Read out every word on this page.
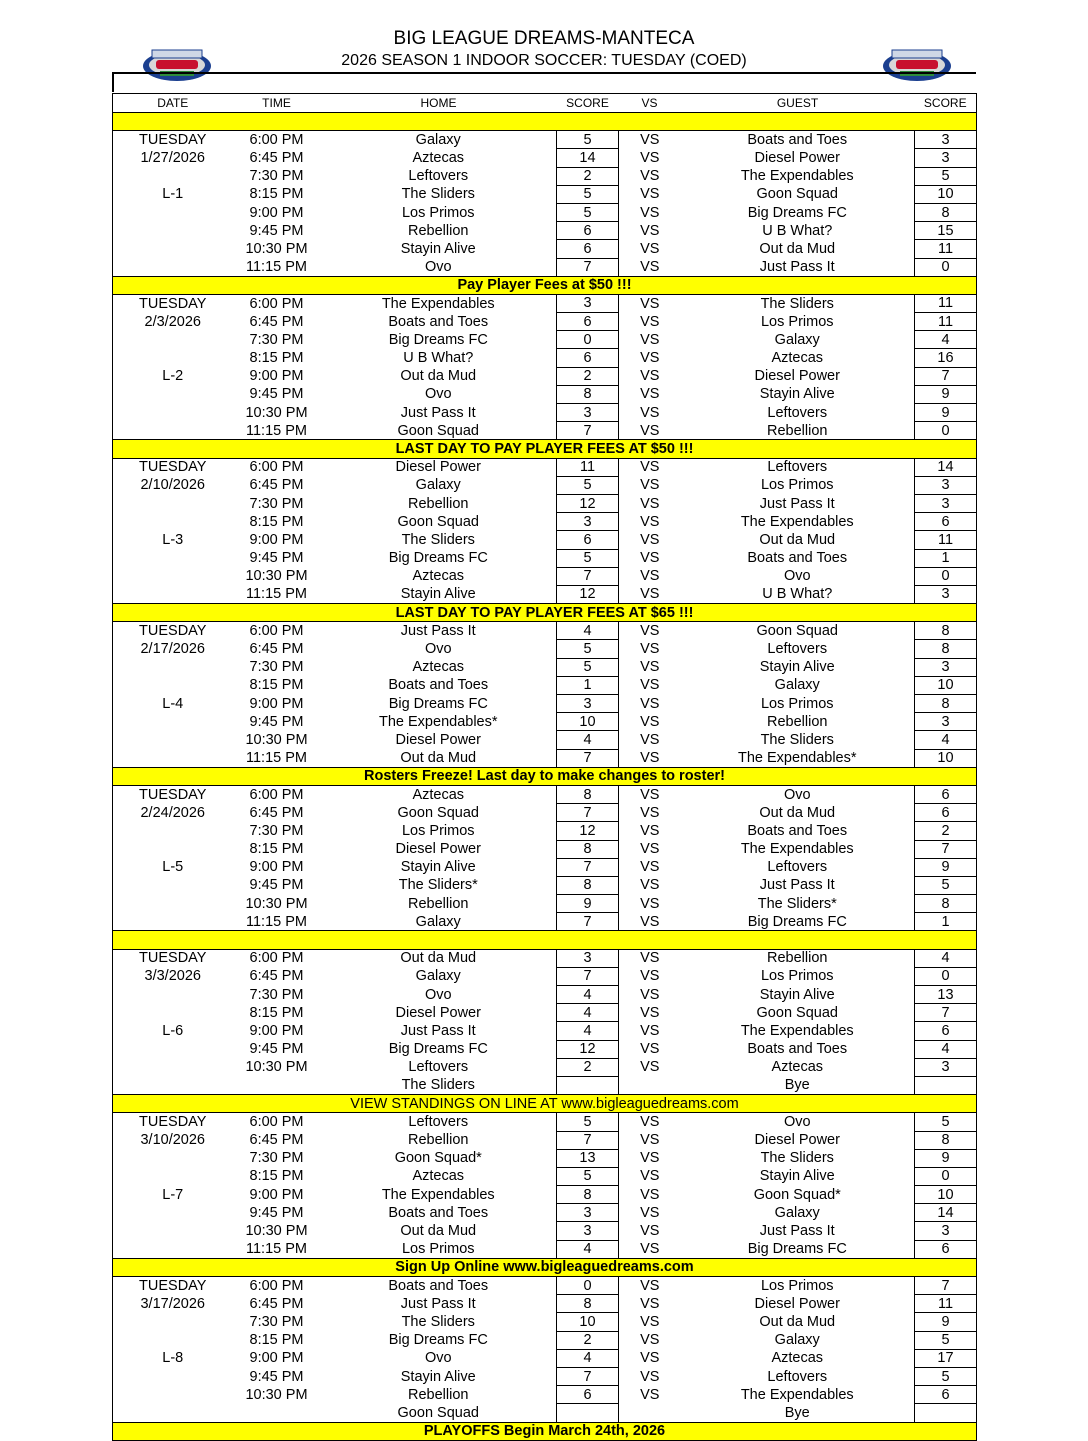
BIG LEAGUE DREAMS-MANTECA
2026 SEASON 1 INDOOR SOCCER: TUESDAY (COED)
DATE	TIME	HOME	SCORE	VS	GUEST	SCORE

TUESDAY	6:00 PM	Galaxy	5	VS	Boats and Toes	3
1/27/2026	6:45 PM	Aztecas	14	VS	Diesel Power	3
	7:30 PM	Leftovers	2	VS	The Expendables	5
L-1	8:15 PM	The Sliders	5	VS	Goon Squad	10
	9:00 PM	Los Primos	5	VS	Big Dreams FC	8
	9:45 PM	Rebellion	6	VS	U B What?	15
	10:30 PM	Stayin Alive	6	VS	Out da Mud	11
	11:15 PM	Ovo	7	VS	Just Pass It	0
Pay Player Fees at $50 !!!						
TUESDAY	6:00 PM	The Expendables	3	VS	The Sliders	11
2/3/2026	6:45 PM	Boats and Toes	6	VS	Los Primos	11
	7:30 PM	Big Dreams FC	0	VS	Galaxy	4
	8:15 PM	U B What?	6	VS	Aztecas	16
L-2	9:00 PM	Out da Mud	2	VS	Diesel Power	7
	9:45 PM	Ovo	8	VS	Stayin Alive	9
	10:30 PM	Just Pass It	3	VS	Leftovers	9
	11:15 PM	Goon Squad	7	VS	Rebellion	0
LAST DAY TO PAY PLAYER FEES AT $50 !!!						
TUESDAY	6:00 PM	Diesel Power	11	VS	Leftovers	14
2/10/2026	6:45 PM	Galaxy	5	VS	Los Primos	3
	7:30 PM	Rebellion	12	VS	Just Pass It	3
	8:15 PM	Goon Squad	3	VS	The Expendables	6
L-3	9:00 PM	The Sliders	6	VS	Out da Mud	11
	9:45 PM	Big Dreams FC	5	VS	Boats and Toes	1
	10:30 PM	Aztecas	7	VS	Ovo	0
	11:15 PM	Stayin Alive	12	VS	U B What?	3
LAST DAY TO PAY PLAYER FEES AT $65 !!!						
TUESDAY	6:00 PM	Just Pass It	4	VS	Goon Squad	8
2/17/2026	6:45 PM	Ovo	5	VS	Leftovers	8
	7:30 PM	Aztecas	5	VS	Stayin Alive	3
	8:15 PM	Boats and Toes	1	VS	Galaxy	10
L-4	9:00 PM	Big Dreams FC	3	VS	Los Primos	8
	9:45 PM	The Expendables*	10	VS	Rebellion	3
	10:30 PM	Diesel Power	4	VS	The Sliders	4
	11:15 PM	Out da Mud	7	VS	The Expendables*	10
Rosters Freeze! Last day to make changes to roster!						
TUESDAY	6:00 PM	Aztecas	8	VS	Ovo	6
2/24/2026	6:45 PM	Goon Squad	7	VS	Out da Mud	6
	7:30 PM	Los Primos	12	VS	Boats and Toes	2
	8:15 PM	Diesel Power	8	VS	The Expendables	7
L-5	9:00 PM	Stayin Alive	7	VS	Leftovers	9
	9:45 PM	The Sliders*	8	VS	Just Pass It	5
	10:30 PM	Rebellion	9	VS	The Sliders*	8
	11:15 PM	Galaxy	7	VS	Big Dreams FC	1

TUESDAY	6:00 PM	Out da Mud	3	VS	Rebellion	4
3/3/2026	6:45 PM	Galaxy	7	VS	Los Primos	0
	7:30 PM	Ovo	4	VS	Stayin Alive	13
	8:15 PM	Diesel Power	4	VS	Goon Squad	7
L-6	9:00 PM	Just Pass It	4	VS	The Expendables	6
	9:45 PM	Big Dreams FC	12	VS	Boats and Toes	4
	10:30 PM	Leftovers	2	VS	Aztecas	3
		The Sliders			Bye	
VIEW STANDINGS ON LINE AT www.bigleaguedreams.com						
TUESDAY	6:00 PM	Leftovers	5	VS	Ovo	5
3/10/2026	6:45 PM	Rebellion	7	VS	Diesel Power	8
	7:30 PM	Goon Squad*	13	VS	The Sliders	9
	8:15 PM	Aztecas	5	VS	Stayin Alive	0
L-7	9:00 PM	The Expendables	8	VS	Goon Squad*	10
	9:45 PM	Boats and Toes	3	VS	Galaxy	14
	10:30 PM	Out da Mud	3	VS	Just Pass It	3
	11:15 PM	Los Primos	4	VS	Big Dreams FC	6
Sign Up Online www.bigleaguedreams.com						
TUESDAY	6:00 PM	Boats and Toes	0	VS	Los Primos	7
3/17/2026	6:45 PM	Just Pass It	8	VS	Diesel Power	11
	7:30 PM	The Sliders	10	VS	Out da Mud	9
	8:15 PM	Big Dreams FC	2	VS	Galaxy	5
L-8	9:00 PM	Ovo	4	VS	Aztecas	17
	9:45 PM	Stayin Alive	7	VS	Leftovers	5
	10:30 PM	Rebellion	6	VS	The Expendables	6
		Goon Squad			Bye	
PLAYOFFS Begin March 24th, 2026						
